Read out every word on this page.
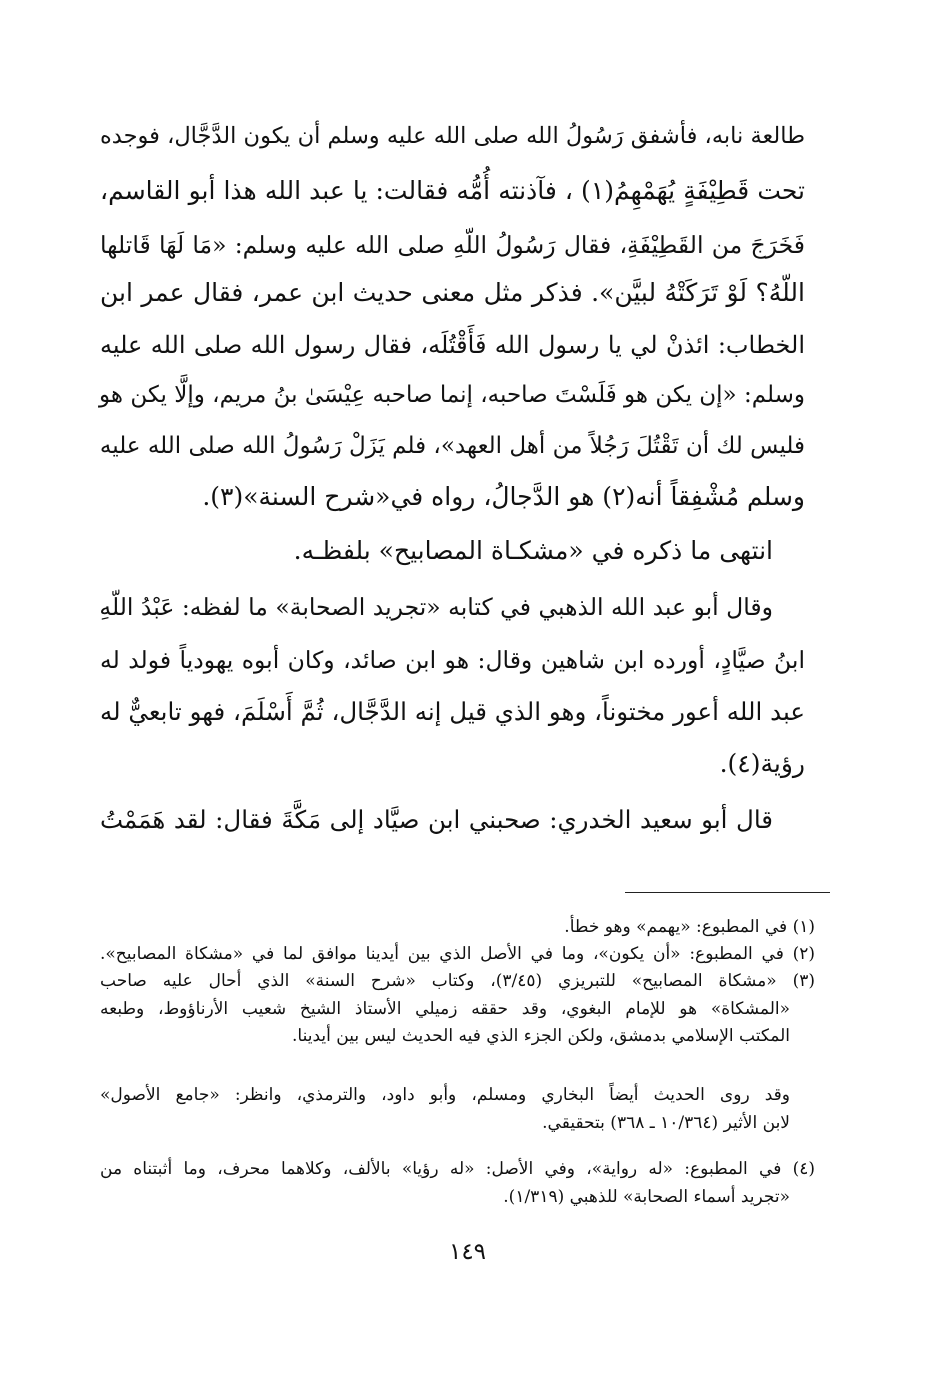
طالعة نابه، فأشفق رَسُولُ الله صلى الله عليه وسلم أن يكون الدَّجَّال، فوجده
تحت قَطِيْفَةٍ يُهَمْهِمُ(١) ، فآذنته أُمُّه فقالت: يا عبد الله هذا أبو القاسم،
فَخَرَجَ من القَطِيْفَةِ، فقال رَسُولُ اللّهِ صلى الله عليه وسلم: «مَا لَهَا قَاتلها
اللّهُ؟ لَوْ تَرَكَتْهُ لبيَّن». فذكر مثل معنى حديث ابن عمر، فقال عمر ابن
الخطاب: ائذنْ لي يا رسول الله فَأَقْتُلَه، فقال رسول الله صلى الله عليه
وسلم: «إن يكن هو فَلَسْتَ صاحبه، إنما صاحبه عِيْسَىٰ بنُ مريم، وإلَّا يكن هو
فليس لك أن تَقْتُلَ رَجُلاً من أهل العهد»، فلم يَزَلْ رَسُولُ الله صلى الله عليه
وسلم مُشْفِقاً أنه(٢) هو الدَّجالُ، رواه في«شرح السنة»(٣).
انتهى ما ذكره في «مشكـاة المصابيح» بلفظـه.
وقال أبو عبد الله الذهبي في كتابه «تجريد الصحابة» ما لفظه: عَبْدُ اللّهِ
ابنُ صيَّادٍ، أورده ابن شاهين وقال: هو ابن صائد، وكان أبوه يهودياً فولد له
عبد الله أعور مختوناً، وهو الذي قيل إنه الدَّجَّال، ثُمَّ أَسْلَمَ، فهو تابعيٌّ له
رؤية(٤).
قال أبو سعيد الخدري: صحبني ابن صيَّاد إلى مَكَّةَ فقال: لقد هَمَمْتُ
(١) في المطبوع: «يهمم» وهو خطأ.
(٢) في المطبوع: «أن يكون»، وما في الأصل الذي بين أيدينا موافق لما في «مشكاة المصابيح».
(٣) «مشكاة المصابيح» للتبريزي (٣/٤٥)، وكتاب «شرح السنة» الذي أحال عليه صاحب
«المشكاة» هو للإمام البغوي، وقد حققه زميلي الأستاذ الشيخ شعيب الأرناؤوط، وطبعه
المكتب الإسلامي بدمشق، ولكن الجزء الذي فيه الحديث ليس بين أيدينا.
وقد روى الحديث أيضاً البخاري ومسلم، وأبو داود، والترمذي، وانظر: «جامع الأصول»
لابن الأثير (١٠/٣٦٤ ـ ٣٦٨) بتحقيقي.
(٤) في المطبوع: «له رواية»، وفي الأصل: «له رؤيا» بالألف، وكلاهما محرف، وما أثبتناه من
«تجريد أسماء الصحابة» للذهبي (١/٣١٩).
١٤٩
